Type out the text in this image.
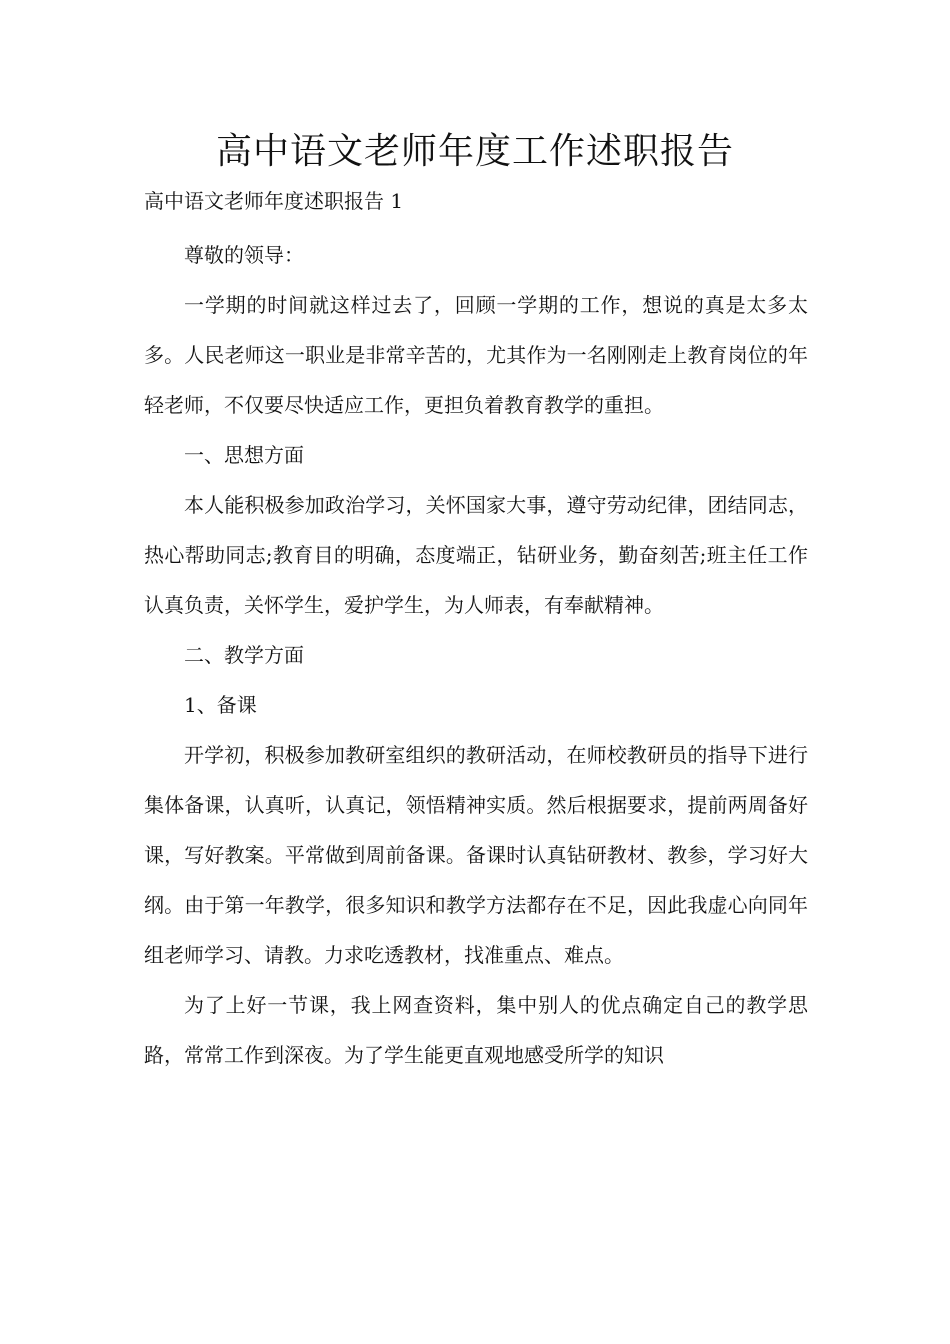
高中语文老师年度工作述职报告
高中语文老师年度述职报告 1

尊敬的领导：

一学期的时间就这样过去了，回顾一学期的工作，想说的真是太多太多。人民老师这一职业是非常辛苦的，尤其作为一名刚刚走上教育岗位的年轻老师，不仅要尽快适应工作，更担负着教育教学的重担。

一、思想方面

本人能积极参加政治学习，关怀国家大事，遵守劳动纪律，团结同志，热心帮助同志;教育目的明确，态度端正，钻研业务，勤奋刻苦;班主任工作认真负责，关怀学生，爱护学生，为人师表，有奉献精神。

二、教学方面

1、备课

开学初，积极参加教研室组织的教研活动，在师校教研员的指导下进行集体备课，认真听，认真记，领悟精神实质。然后根据要求，提前两周备好课，写好教案。平常做到周前备课。备课时认真钻研教材、教参，学习好大纲。由于第一年教学，很多知识和教学方法都存在不足，因此我虚心向同年组老师学习、请教。力求吃透教材，找准重点、难点。

为了上好一节课，我上网查资料，集中别人的优点确定自己的教学思路，常常工作到深夜。为了学生能更直观地感受所学的知识
